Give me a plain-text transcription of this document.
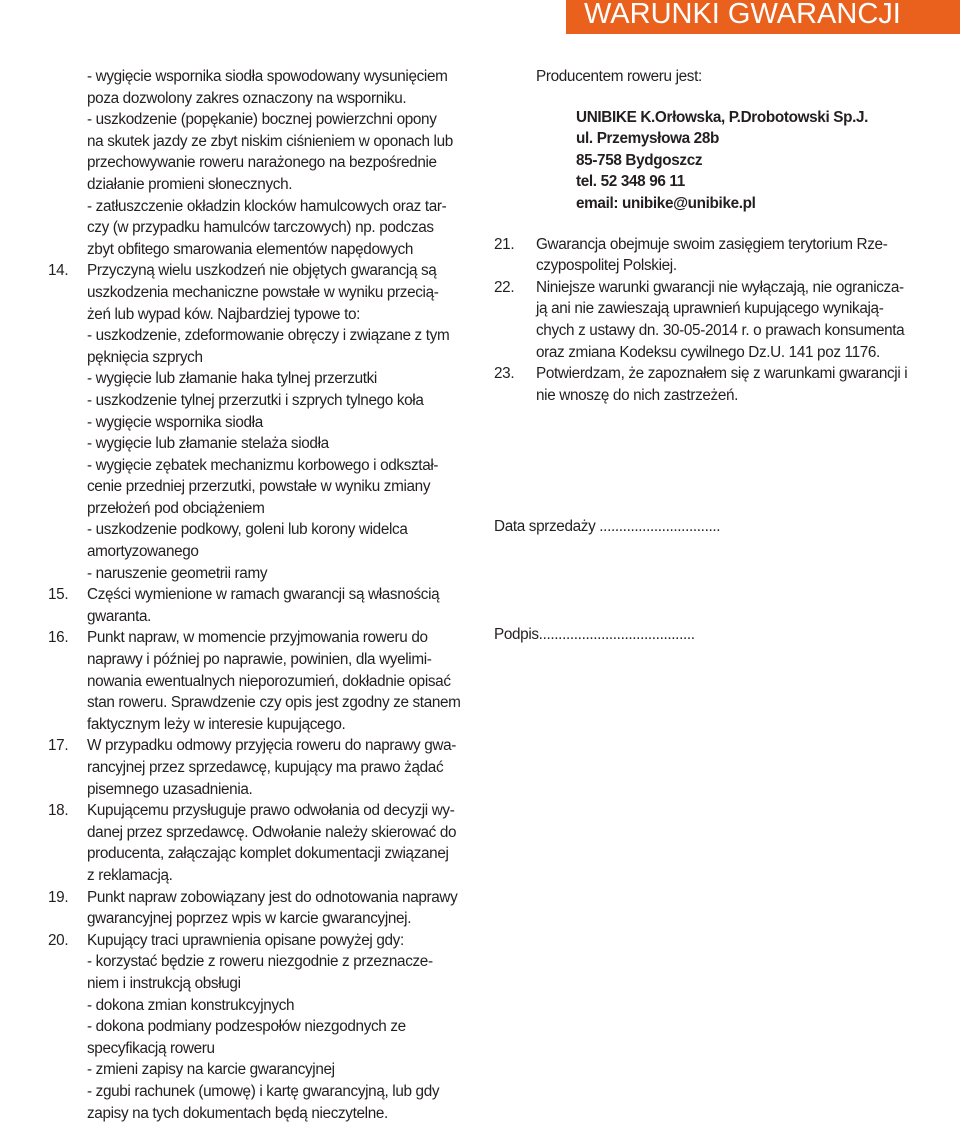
WARUNKI GWARANCJI
- wygięcie wspornika siodła spowodowany wysunięciem
poza dozwolony zakres oznaczony na wsporniku.
- uszkodzenie (popękanie) bocznej powierzchni opony
na skutek jazdy ze zbyt niskim ciśnieniem w oponach lub
przechowywanie roweru narażonego na bezpośrednie
działanie promieni słonecznych.
- zatłuszczenie okładzin klocków hamulcowych oraz tar-
czy (w przypadku hamulców tarczowych) np. podczas
zbyt obfitego smarowania elementów napędowych
14. Przyczyną wielu uszkodzeń nie objętych gwarancją są
uszkodzenia mechaniczne powstałe w wyniku przecią-
żeń lub wypad ków. Najbardziej typowe to:
- uszkodzenie, zdeformowanie obręczy i związane z tym
pęknięcia szprych
- wygięcie lub złamanie haka tylnej przerzutki
- uszkodzenie tylnej przerzutki i szprych tylnego koła
- wygięcie wspornika siodła
- wygięcie lub złamanie stelaża siodła
- wygięcie zębatek mechanizmu korbowego i odkształ-
cenie przedniej przerzutki, powstałe w wyniku zmiany
przełożeń pod obciążeniem
- uszkodzenie podkowy, goleni lub korony widelca
amortyzowanego
- naruszenie geometrii ramy
15. Części wymienione w ramach gwarancji są własnością
gwaranta.
16. Punkt napraw, w momencie przyjmowania roweru do
naprawy i później po naprawie, powinien, dla wyelimi-
nowania ewentualnych nieporozumień, dokładnie opisać
stan roweru. Sprawdzenie czy opis jest zgodny ze stanem
faktycznym leży w interesie kupującego.
17. W przypadku odmowy przyjęcia roweru do naprawy gwa-
rancyjnej przez sprzedawcę, kupujący ma prawo żądać
pisemnego uzasadnienia.
18. Kupującemu przysługuje prawo odwołania od decyzji wy-
danej przez sprzedawcę. Odwołanie należy skierować do
producenta, załączając komplet dokumentacji związanej
z reklamacją.
19. Punkt napraw zobowiązany jest do odnotowania naprawy
gwarancyjnej poprzez wpis w karcie gwarancyjnej.
20. Kupujący traci uprawnienia opisane powyżej gdy:
- korzystać będzie z roweru niezgodnie z przeznacze-
niem i instrukcją obsługi
- dokona zmian konstrukcyjnych
- dokona podmiany podzespołów niezgodnych ze
specyfikacją roweru
- zmieni zapisy na karcie gwarancyjnej
- zgubi rachunek (umowę) i kartę gwarancyjną, lub gdy
zapisy na tych dokumentach będą nieczytelne.
Producentem roweru jest:
UNIBIKE K.Orłowska, P.Drobotowski Sp.J.
ul. Przemysłowa 28b
85-758 Bydgoszcz
tel. 52 348 96 11
email: unibike@unibike.pl
21. Gwarancja obejmuje swoim zasięgiem terytorium Rze-
czypospolitej Polskiej.
22. Niniejsze warunki gwarancji nie wyłączają, nie ogranicza-
ją ani nie zawieszają uprawnień kupującego wynikają-
chych z ustawy dn. 30-05-2014 r. o prawach konsumenta
oraz zmiana Kodeksu cywilnego Dz.U. 141 poz 1176.
23. Potwierdzam, że zapoznałem się z warunkami gwarancji i
nie wnoszę do nich zastrzeżeń.
Data sprzedaży ...............................
Podpis........................................
